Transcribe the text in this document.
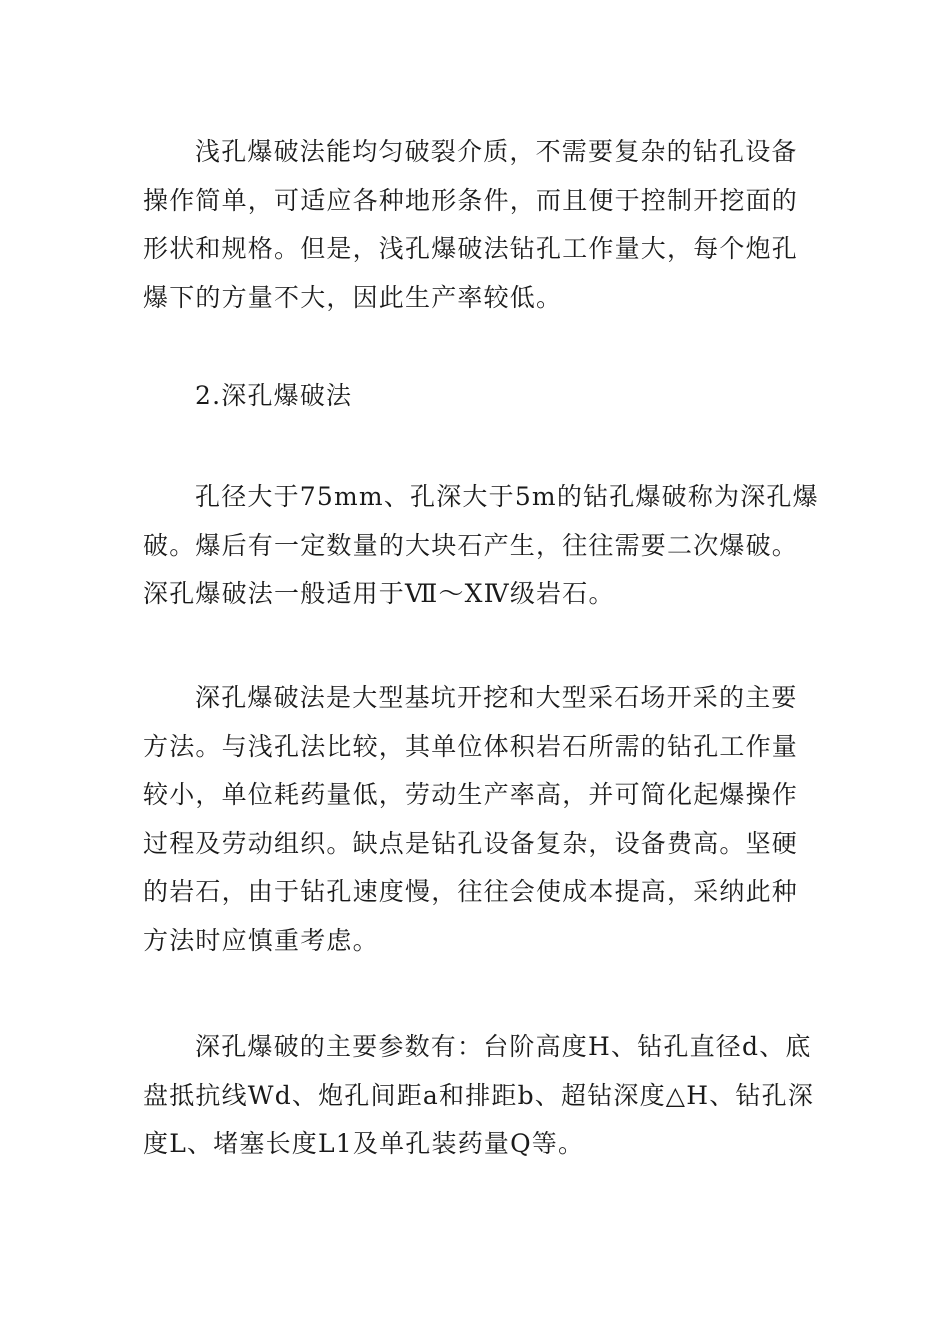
浅孔爆破法能均匀破裂介质，不需要复杂的钻孔设备操作简单，可适应各种地形条件，而且便于控制开挖面的形状和规格。但是，浅孔爆破法钻孔工作量大，每个炮孔爆下的方量不大，因此生产率较低。

2.深孔爆破法

孔径大于75mm、孔深大于5m的钻孔爆破称为深孔爆破。爆后有一定数量的大块石产生，往往需要二次爆破。深孔爆破法一般适用于Ⅶ～ⅩⅣ级岩石。

深孔爆破法是大型基坑开挖和大型采石场开采的主要方法。与浅孔法比较，其单位体积岩石所需的钻孔工作量较小，单位耗药量低，劳动生产率高，并可简化起爆操作过程及劳动组织。缺点是钻孔设备复杂，设备费高。坚硬的岩石，由于钻孔速度慢，往往会使成本提高，采纳此种方法时应慎重考虑。

深孔爆破的主要参数有：台阶高度H、钻孔直径d、底盘抵抗线Wd、炮孔间距a和排距b、超钻深度△H、钻孔深度L、堵塞长度L1及单孔装药量Q等。
